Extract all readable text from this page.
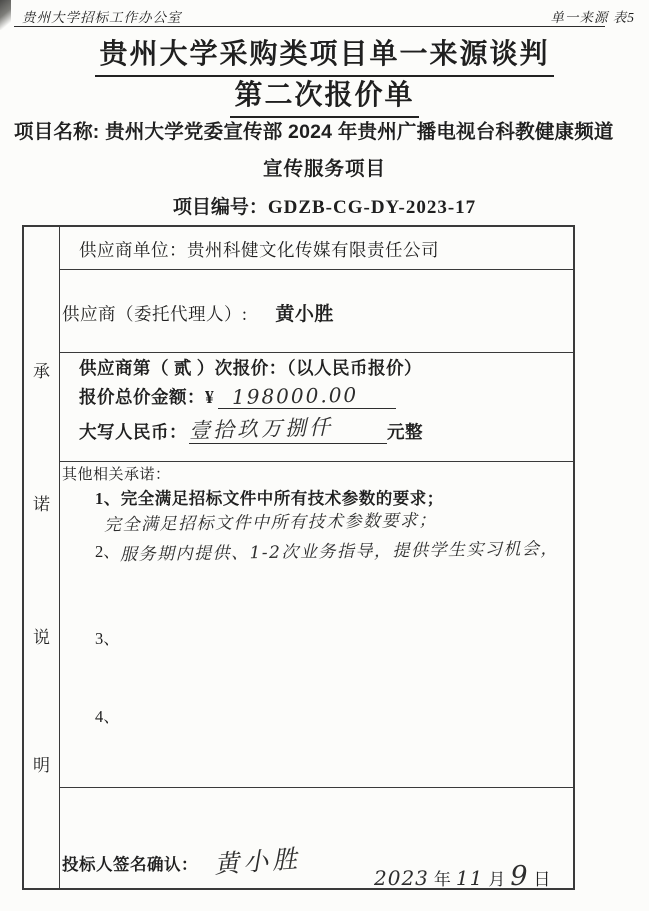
贵州大学招标工作办公室	单一来源 表5
贵州大学采购类项目单一来源谈判
第二次报价单
项目名称: 贵州大学党委宣传部 2024 年贵州广播电视台科教健康频道
宣传服务项目
项目编号：GDZB-CG-DY-2023-17
承
诺
说
明
供应商单位：贵州科健文化传媒有限责任公司
供应商（委托代理人）: 黄小胜
供应商第（ 贰 ）次报价：（以人民币报价）
报价总价金额：¥ 198000.00
大写人民币：壹拾玖万捌仟	元整
其他相关承诺：
1、完全满足招标文件中所有技术参数的要求；
完全满足招标文件中所有技术参数要求；
2、服务期内提供、1-2次业务指导，提供学生实习机会，
3、
4、
投标人签名确认： 黄小胜	2023 年 11 月 9 日
